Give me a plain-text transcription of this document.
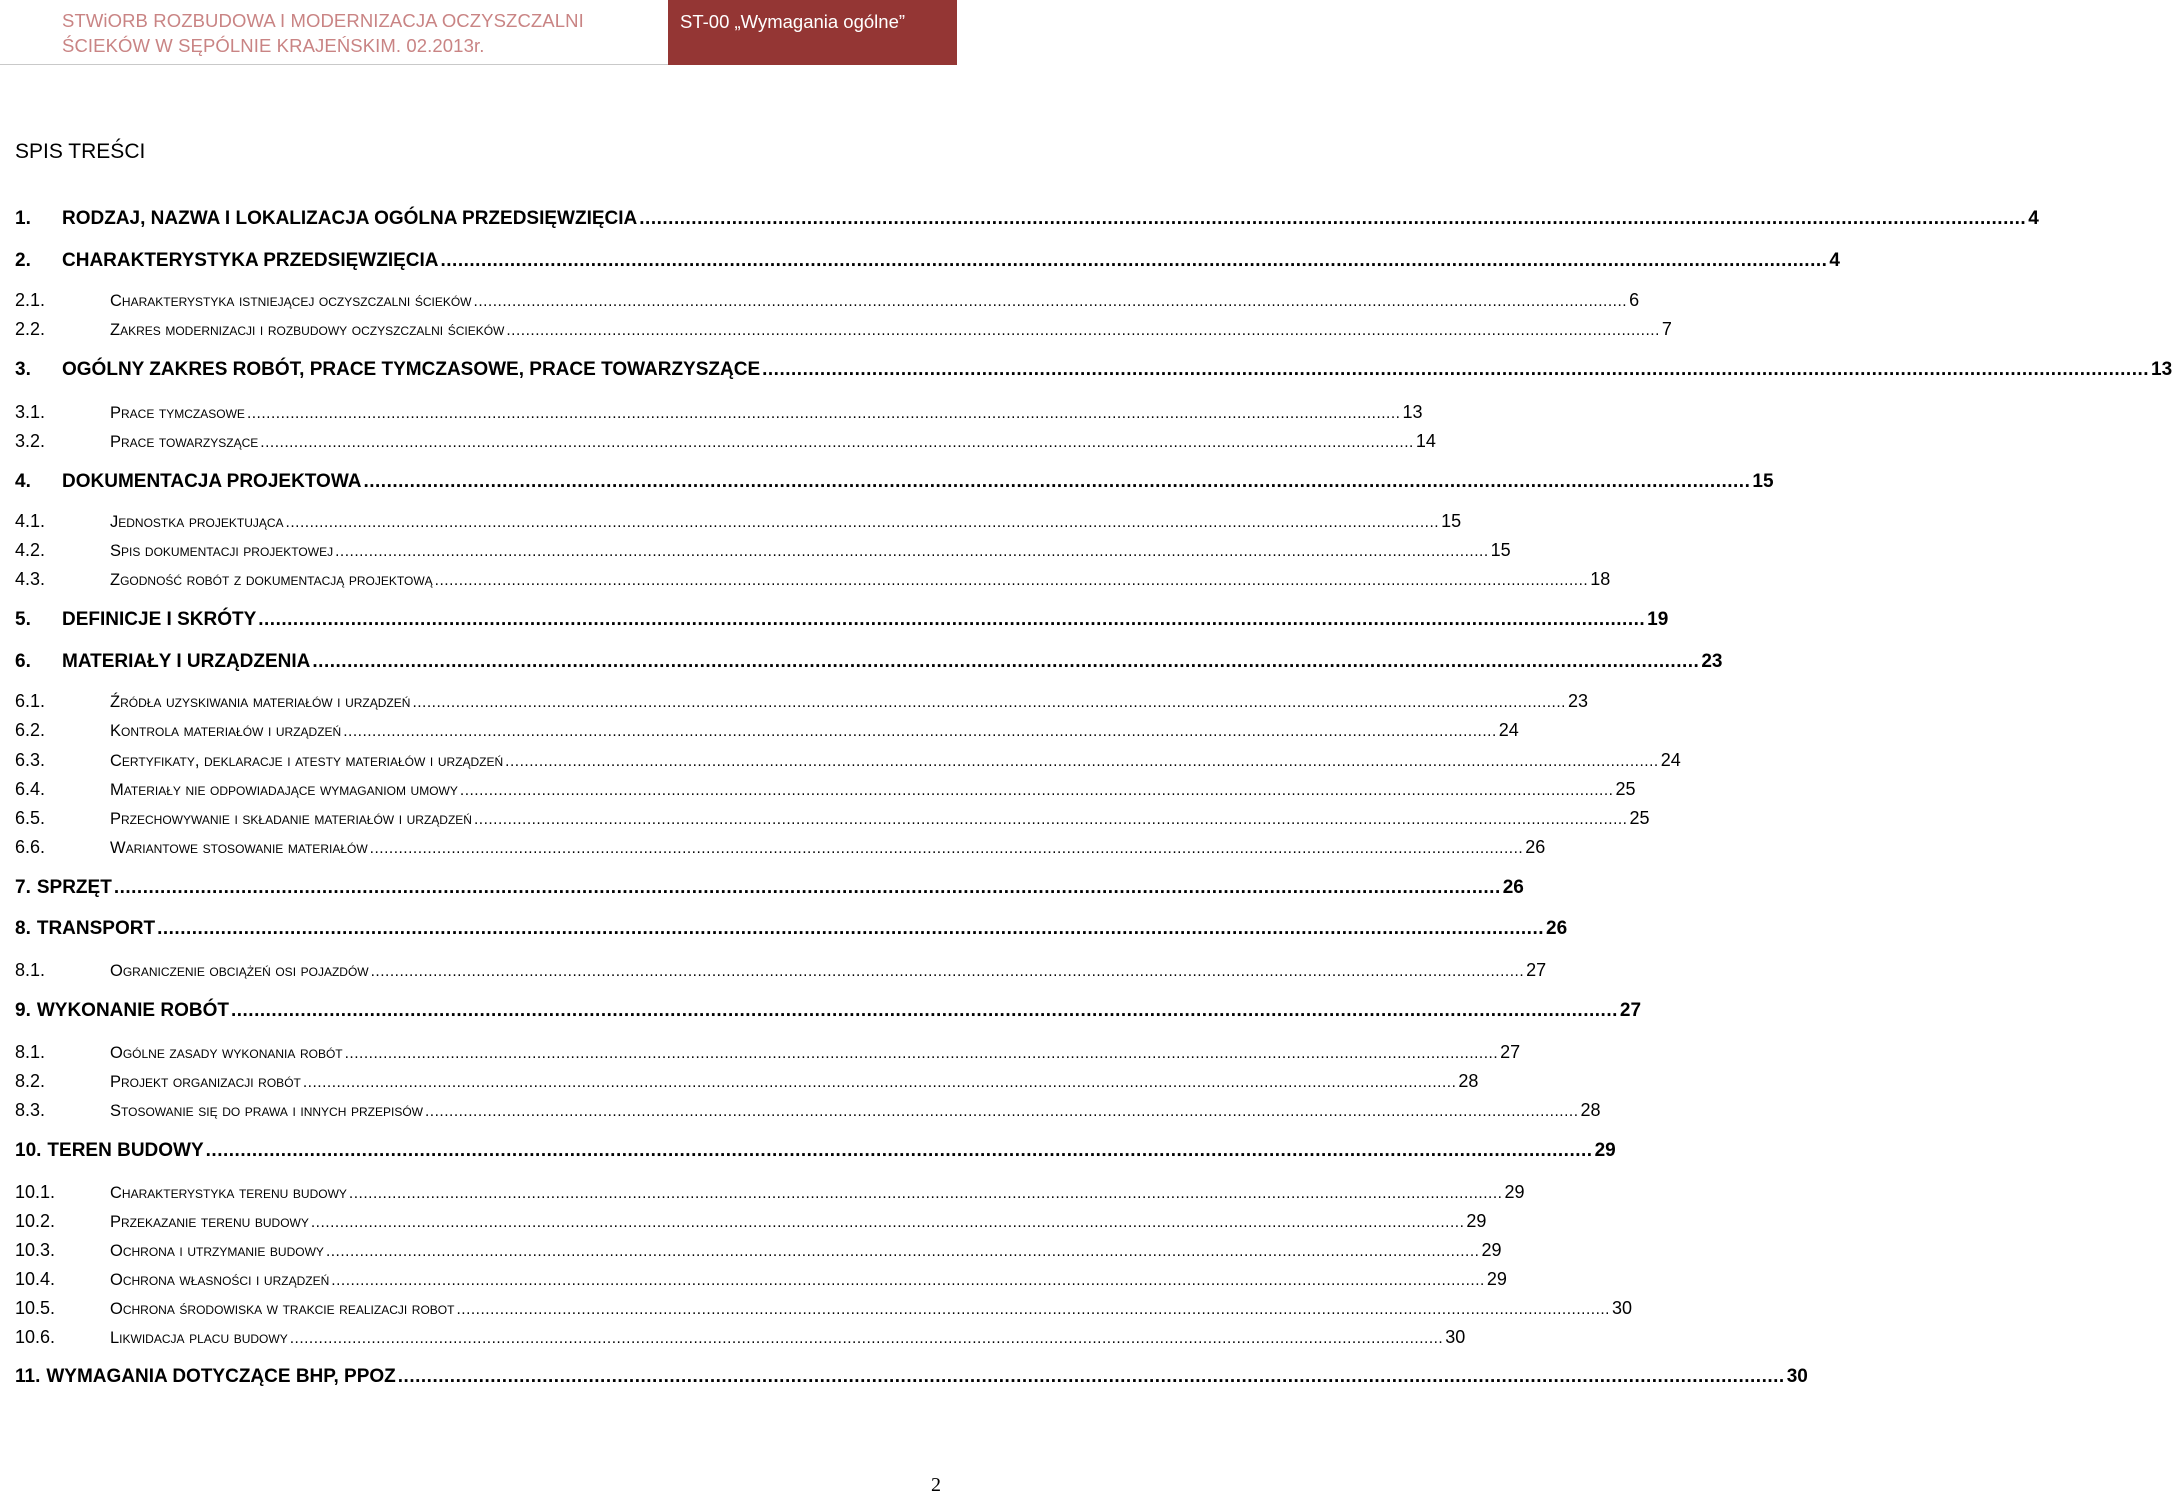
STWiORB ROZBUDOWA I MODERNIZACJA OCZYSZCZALNI
ŚCIEKÓW W SĘPÓLNIE KRAJEŃSKIM. 02.2013r.
ST-00 „Wymagania ogólne”
SPIS TREŚCI
1.	RODZAJ, NAZWA I LOKALIZACJA OGÓLNA PRZEDSIĘWZIĘCIA .....	4
2.	CHARAKTERYSTYKA PRZEDSIĘWZIĘCIA .....	4
2.1.	Charakterystyka istniejącej oczyszczalni ścieków .....	6
2.2.	Zakres modernizacji i rozbudowy oczyszczalni ścieków .....	7
3.	OGÓLNY ZAKRES ROBÓT, PRACE TYMCZASOWE, PRACE TOWARZYSZĄCE .....	13
3.1.	Prace tymczasowe .....	13
3.2.	Prace towarzyszące .....	14
4.	DOKUMENTACJA PROJEKTOWA .....	15
4.1.	Jednostka projektująca .....	15
4.2.	Spis dokumentacji projektowej .....	15
4.3.	Zgodność robót z dokumentacją projektową .....	18
5.	DEFINICJE I SKRÓTY .....	19
6.	MATERIAŁY I URZĄDZENIA .....	23
6.1.	Źródła uzyskiwania materiałów i urządzeń .....	23
6.2.	Kontrola materiałów i urządzeń .....	24
6.3.	Certyfikaty, deklaracje i atesty materiałów i urządzeń .....	24
6.4.	Materiały nie odpowiadające wymaganiom umowy .....	25
6.5.	Przechowywanie i składanie materiałów i urządzeń .....	25
6.6.	Wariantowe stosowanie materiałów .....	26
7. SPRZĘT .....	26
8. TRANSPORT .....	26
8.1.	Ograniczenie obciążeń osi pojazdów .....	27
9. WYKONANIE ROBÓT .....	27
8.1.	Ogólne zasady wykonania robót .....	27
8.2.	Projekt organizacji robót .....	28
8.3.	Stosowanie się do prawa i innych przepisów .....	28
10. TEREN BUDOWY .....	29
10.1.	Charakterystyka terenu budowy .....	29
10.2.	Przekazanie terenu budowy .....	29
10.3.	Ochrona i utrzymanie budowy .....	29
10.4.	Ochrona własności i urządzeń .....	29
10.5.	Ochrona środowiska w trakcie realizacji robot .....	30
10.6.	Likwidacja placu budowy .....	30
11. WYMAGANIA DOTYCZĄCE BHP, PPOZ .....	30
2
